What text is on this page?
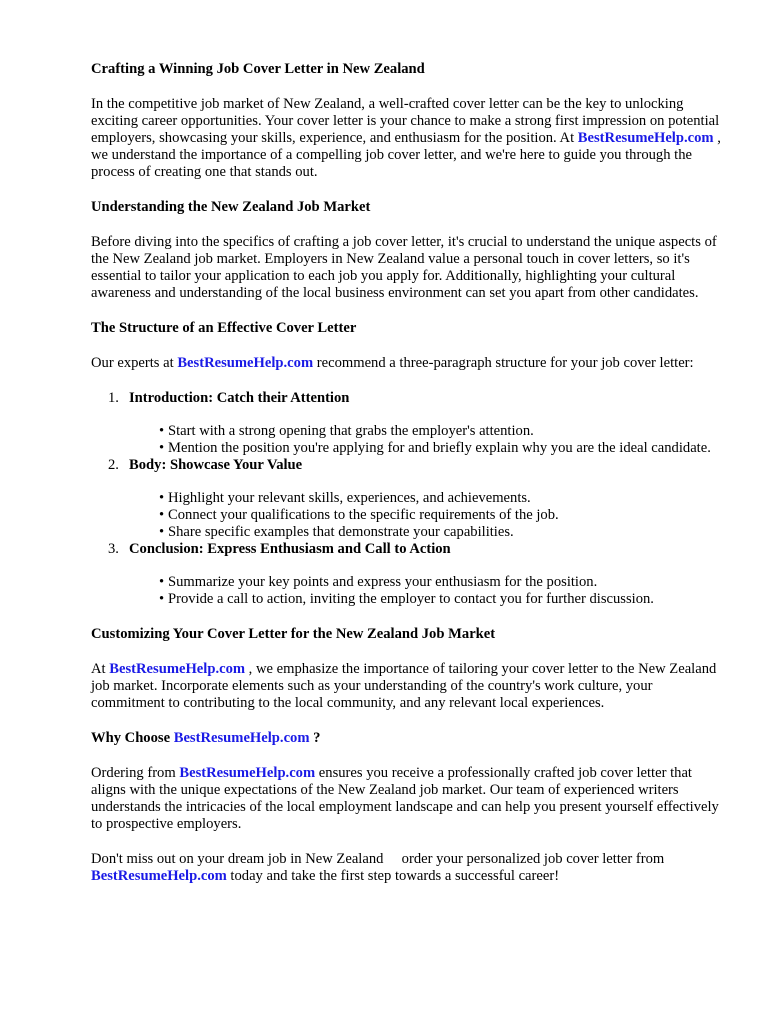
Crafting a Winning Job Cover Letter in New Zealand

In the competitive job market of New Zealand, a well-crafted cover letter can be the key to unlocking exciting career opportunities. Your cover letter is your chance to make a strong first impression on potential employers, showcasing your skills, experience, and enthusiasm for the position. At BestResumeHelp.com , we understand the importance of a compelling job cover letter, and we're here to guide you through the process of creating one that stands out.

Understanding the New Zealand Job Market

Before diving into the specifics of crafting a job cover letter, it's crucial to understand the unique aspects of the New Zealand job market. Employers in New Zealand value a personal touch in cover letters, so it's essential to tailor your application to each job you apply for. Additionally, highlighting your cultural awareness and understanding of the local business environment can set you apart from other candidates.

The Structure of an Effective Cover Letter

Our experts at BestResumeHelp.com recommend a three-paragraph structure for your job cover letter:

1. Introduction: Catch their Attention
• Start with a strong opening that grabs the employer's attention.
• Mention the position you're applying for and briefly explain why you are the ideal candidate.
2. Body: Showcase Your Value
• Highlight your relevant skills, experiences, and achievements.
• Connect your qualifications to the specific requirements of the job.
• Share specific examples that demonstrate your capabilities.
3. Conclusion: Express Enthusiasm and Call to Action
• Summarize your key points and express your enthusiasm for the position.
• Provide a call to action, inviting the employer to contact you for further discussion.
Customizing Your Cover Letter for the New Zealand Job Market

At BestResumeHelp.com , we emphasize the importance of tailoring your cover letter to the New Zealand job market. Incorporate elements such as your understanding of the country's work culture, your commitment to contributing to the local community, and any relevant local experiences.

Why Choose BestResumeHelp.com ?

Ordering from BestResumeHelp.com ensures you receive a professionally crafted job cover letter that aligns with the unique expectations of the New Zealand job market. Our team of experienced writers understands the intricacies of the local employment landscape and can help you present yourself effectively to prospective employers.

Don't miss out on your dream job in New Zealand     order your personalized job cover letter from BestResumeHelp.com today and take the first step towards a successful career!
